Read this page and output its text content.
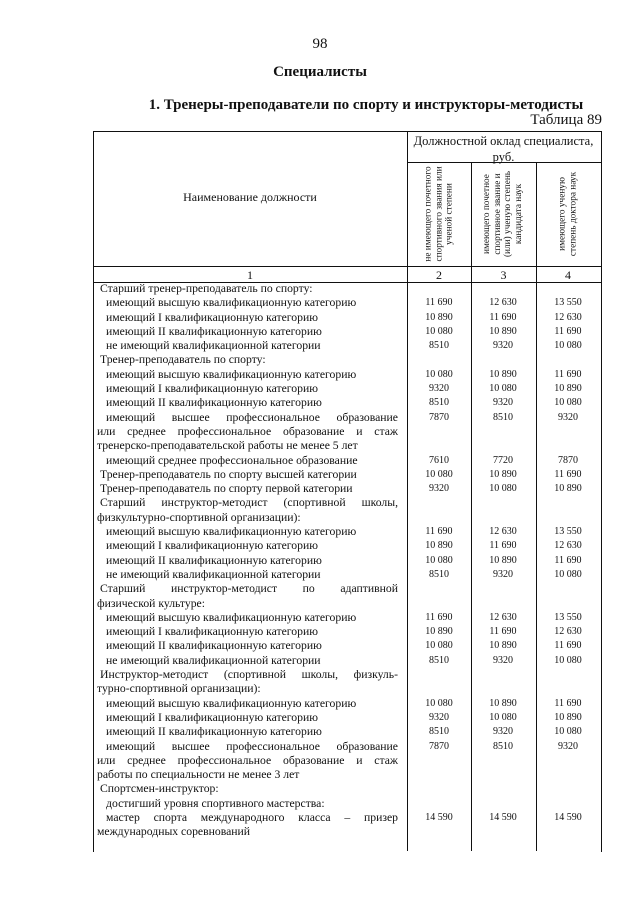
98
Специалисты
1. Тренеры-преподаватели по спорту и инструкторы-методисты
Таблица 89
Наименование должности
Должностной оклад специалиста, руб.
не имеющего почетного спортивного звания или ученой степени	имеющего почетное спортивное звание и (или) ученую степень кандидата наук	имеющего ученую степень доктора наук
1	2	3	4
Старший тренер-преподаватель по спорту:
имеющий высшую квалификационную категорию	11 690	12 630	13 550
имеющий I квалификационную категорию	10 890	11 690	12 630
имеющий II квалификационную категорию	10 080	10 890	11 690
не имеющий квалификационной категории	8510	9320	10 080
Тренер-преподаватель по спорту:
имеющий высшую квалификационную категорию	10 080	10 890	11 690
имеющий I квалификационную категорию	9320	10 080	10 890
имеющий II квалификационную категорию	8510	9320	10 080
имеющий высшее профессиональное образование	7870	8510	9320
или среднее профессиональное образование и стаж
тренерско-преподавательской работы не менее 5 лет
имеющий среднее профессиональное образование	7610	7720	7870
Тренер-преподаватель по спорту высшей категории	10 080	10 890	11 690
Тренер-преподаватель по спорту первой категории	9320	10 080	10 890
Старший инструктор-методист (спортивной школы,
физкультурно-спортивной организации):
имеющий высшую квалификационную категорию	11 690	12 630	13 550
имеющий I квалификационную категорию	10 890	11 690	12 630
имеющий II квалификационную категорию	10 080	10 890	11 690
не имеющий квалификационной категории	8510	9320	10 080
Старший инструктор-методист по адаптивной
физической культуре:
имеющий высшую квалификационную категорию	11 690	12 630	13 550
имеющий I квалификационную категорию	10 890	11 690	12 630
имеющий II квалификационную категорию	10 080	10 890	11 690
не имеющий квалификационной категории	8510	9320	10 080
Инструктор-методист (спортивной школы, физкуль-
турно-спортивной организации):
имеющий высшую квалификационную категорию	10 080	10 890	11 690
имеющий I квалификационную категорию	9320	10 080	10 890
имеющий II квалификационную категорию	8510	9320	10 080
имеющий высшее профессиональное образование	7870	8510	9320
или среднее профессиональное образование и стаж
работы по специальности не менее 3 лет
Спортсмен-инструктор:
достигший уровня спортивного мастерства:
мастер спорта международного класса – призер	14 590	14 590	14 590
международных соревнований
